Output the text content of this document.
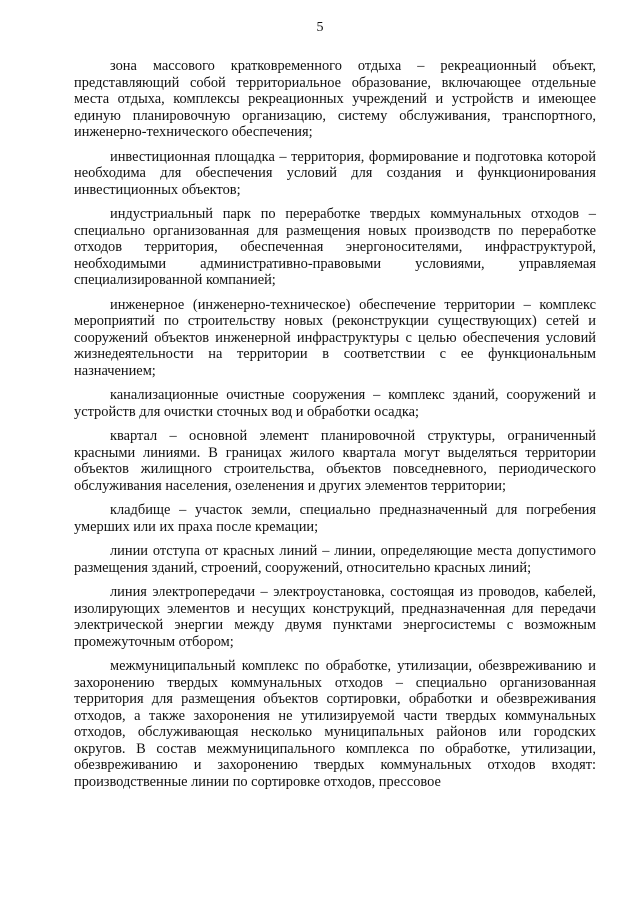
5

зона массового кратковременного отдыха – рекреационный объект, представляющий собой территориальное образование, включающее отдельные места отдыха, комплексы рекреационных учреждений и устройств и имеющее единую планировочную организацию, систему обслуживания, транспортного, инженерно-технического обеспечения;

инвестиционная площадка – территория, формирование и подготовка которой необходима для обеспечения условий для создания и функционирования инвестиционных объектов;

индустриальный парк по переработке твердых коммунальных отходов – специально организованная для размещения новых производств по переработке отходов территория, обеспеченная энергоносителями, инфраструктурой, необходимыми административно-правовыми условиями, управляемая специализированной компанией;

инженерное (инженерно-техническое) обеспечение территории – комплекс мероприятий по строительству новых (реконструкции существующих) сетей и сооружений объектов инженерной инфраструктуры с целью обеспечения условий жизнедеятельности на территории в соответствии с ее функциональным назначением;

канализационные очистные сооружения – комплекс зданий, сооружений и устройств для очистки сточных вод и обработки осадка;

квартал – основной элемент планировочной структуры, ограниченный красными линиями. В границах жилого квартала могут выделяться территории объектов жилищного строительства, объектов повседневного, периодического обслуживания населения, озеленения и других элементов территории;

кладбище – участок земли, специально предназначенный для погребения умерших или их праха после кремации;

линии отступа от красных линий – линии, определяющие места допустимого размещения зданий, строений, сооружений, относительно красных линий;

линия электропередачи – электроустановка, состоящая из проводов, кабелей, изолирующих элементов и несущих конструкций, предназначенная для передачи электрической энергии между двумя пунктами энергосистемы с возможным промежуточным отбором;

межмуниципальный комплекс по обработке, утилизации, обезвреживанию и захоронению твердых коммунальных отходов – специально организованная территория для размещения объектов сортировки, обработки и обезвреживания отходов, а также захоронения не утилизируемой части твердых коммунальных отходов, обслуживающая несколько муниципальных районов или городских округов. В состав межмуниципального комплекса по обработке, утилизации, обезвреживанию и захоронению твердых коммунальных отходов входят: производственные линии по сортировке отходов, прессовое
